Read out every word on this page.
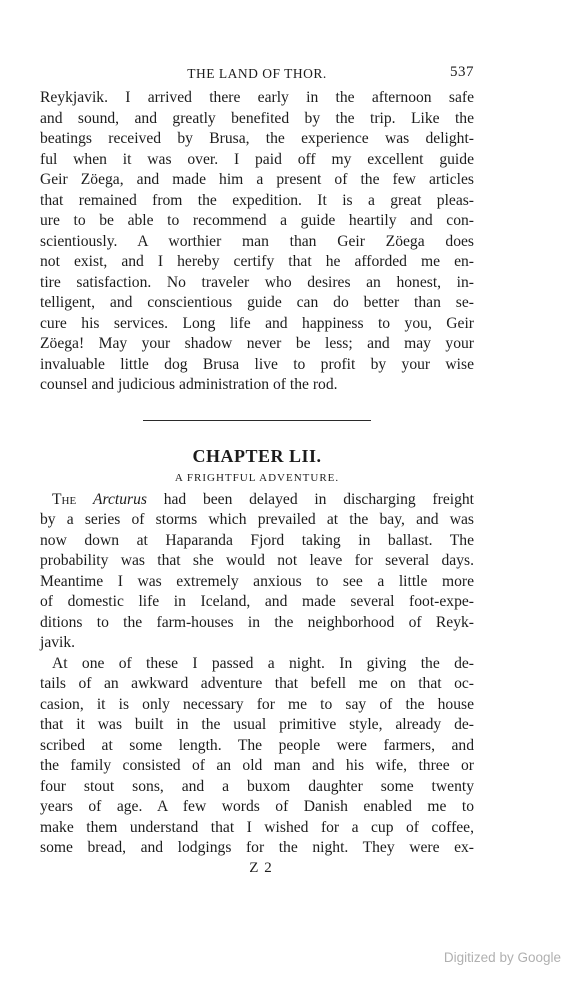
THE LAND OF THOR.	537

Reykjavik. I arrived there early in the afternoon safe
and sound, and greatly benefited by the trip. Like the
beatings received by Brusa, the experience was delight-
ful when it was over. I paid off my excellent guide
Geir Zöega, and made him a present of the few articles
that remained from the expedition. It is a great pleas-
ure to be able to recommend a guide heartily and con-
scientiously. A worthier man than Geir Zöega does
not exist, and I hereby certify that he afforded me en-
tire satisfaction. No traveler who desires an honest, in-
telligent, and conscientious guide can do better than se-
cure his services. Long life and happiness to you, Geir
Zöega! May your shadow never be less; and may your
invaluable little dog Brusa live to profit by your wise
counsel and judicious administration of the rod.

CHAPTER LII.
A FRIGHTFUL ADVENTURE.

The Arcturus had been delayed in discharging freight
by a series of storms which prevailed at the bay, and was
now down at Haparanda Fjord taking in ballast. The
probability was that she would not leave for several days.
Meantime I was extremely anxious to see a little more
of domestic life in Iceland, and made several foot-expe-
ditions to the farm-houses in the neighborhood of Reyk-
javik.

At one of these I passed a night. In giving the de-
tails of an awkward adventure that befell me on that oc-
casion, it is only necessary for me to say of the house
that it was built in the usual primitive style, already de-
scribed at some length. The people were farmers, and
the family consisted of an old man and his wife, three or
four stout sons, and a buxom daughter some twenty
years of age. A few words of Danish enabled me to
make them understand that I wished for a cup of coffee,
some bread, and lodgings for the night. They were ex-

Z 2
Digitized by Google
